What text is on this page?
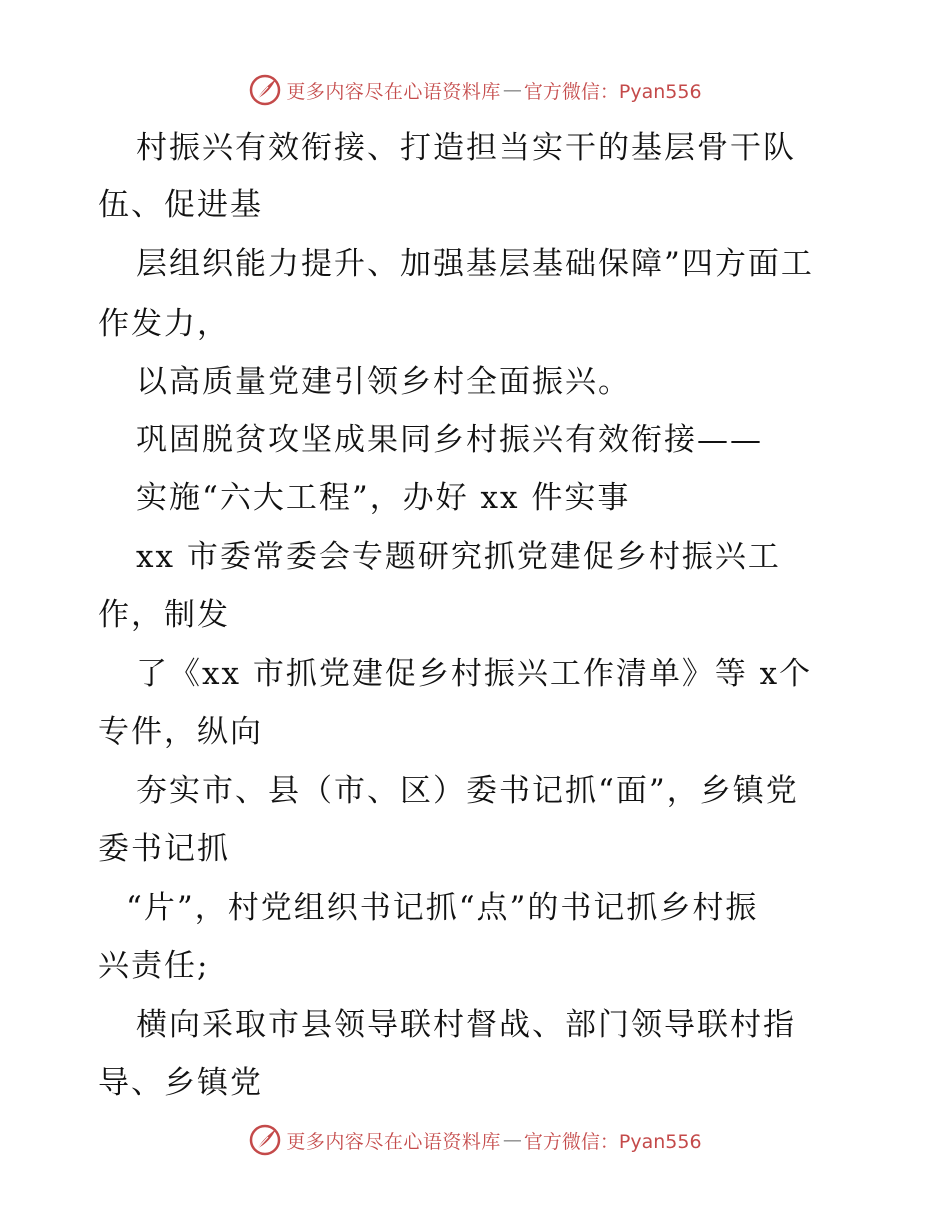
更多内容尽在心语资料库 — 官方微信：Pyan556
村振兴有效衔接、打造担当实干的基层骨干队
伍、促进基
层组织能力提升、加强基层基础保障”四方面工
作发力，
以高质量党建引领乡村全面振兴。
巩固脱贫攻坚成果同乡村振兴有效衔接——
实施“六大工程”，办好 xx 件实事
xx 市委常委会专题研究抓党建促乡村振兴工
作，制发
了《xx 市抓党建促乡村振兴工作清单》等 x个
专件，纵向
夯实市、县（市、区）委书记抓“面”，乡镇党
委书记抓
“片”，村党组织书记抓“点”的书记抓乡村振
兴责任;
横向采取市县领导联村督战、部门领导联村指
导、乡镇党
更多内容尽在心语资料库 — 官方微信：Pyan556
